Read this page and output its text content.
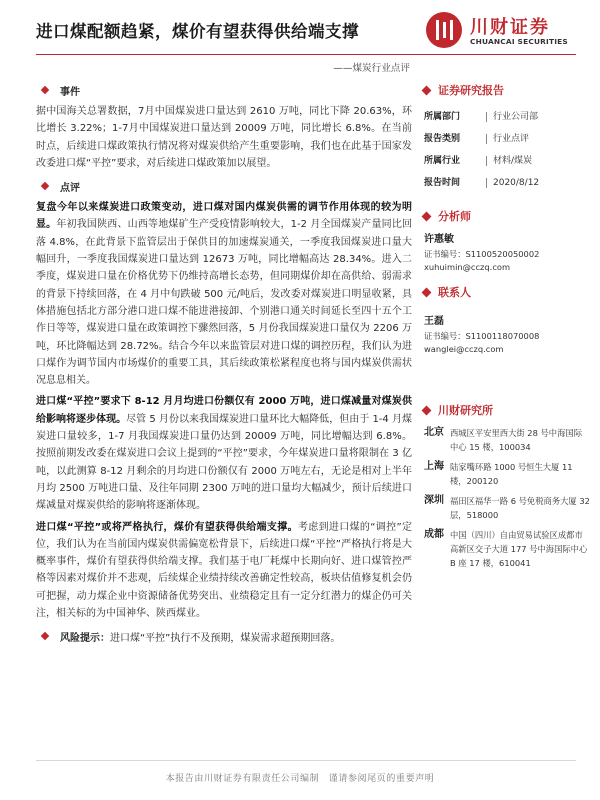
进口煤配额趋紧，煤价有望获得供给端支撑	川财证券
CHUANCAI SECURITIES
——煤炭行业点评
事件

据中国海关总署数据，7月中国煤炭进口量达到 2610 万吨，同比下降 20.63%，环比增长 3.22%；1-7月中国煤炭进口量达到 20009 万吨，同比增长 6.8%。在当前时点，后续进口煤政策执行情况将对煤炭供给产生重要影响，我们也在此基于国家发改委进口煤“平控”要求，对后续进口煤政策加以展望。

点评

复盘今年以来煤炭进口政策变动，进口煤对国内煤炭供需的调节作用体现的较为明显。年初我国陕西、山西等地煤矿生产受疫情影响较大，1-2 月全国煤炭产量同比回落 4.8%，在此背景下监管层出于保供目的加速煤炭通关，一季度我国煤炭进口量大幅回升，一季度我国煤炭进口量达到 12673 万吨，同比增幅高达 28.34%。进入二季度，煤炭进口量在价格优势下仍维持高增长态势，但同期煤价却在高供给、弱需求的背景下持续回落，在 4 月中旬跌破 500 元/吨后，发改委对煤炭进口明显收紧，具体措施包括北方部分港口进口煤不能进港接卸、个别港口通关时间延长至四十五个工作日等等，煤炭进口量在政策调控下骤然回落，5 月份我国煤炭进口量仅为 2206 万吨，环比降幅达到 28.72%。结合今年以来监管层对进口煤的调控历程，我们认为进口煤作为调节国内市场煤价的重要工具，其后续政策松紧程度也将与国内煤炭供需状况息息相关。

进口煤“平控”要求下 8-12 月月均进口份额仅有 2000 万吨，进口煤减量对煤炭供给影响将逐步体现。尽管 5 月份以来我国煤炭进口量环比大幅降低，但由于 1-4 月煤炭进口量较多，1-7 月我国煤炭进口量仍达到 20009 万吨，同比增幅达到 6.8%。按照前期发改委在煤炭进口会议上提到的“平控”要求，今年煤炭进口量将限制在 3 亿吨，以此测算 8-12 月剩余的月均进口份额仅有 2000 万吨左右，无论是相对上半年月均 2500 万吨进口量、及往年同期 2300 万吨的进口量均大幅减少，预计后续进口煤减量对煤炭供给的影响将逐渐体现。

进口煤“平控”或将严格执行，煤价有望获得供给端支撑。考虑到进口煤的“调控”定位，我们认为在当前国内煤炭供需偏宽松背景下，后续进口煤“平控”严格执行将是大概率事件，煤价有望获得供给端支撑。我们基于电厂耗煤中长期向好、进口煤管控严格等因素对煤价并不悲观，后续煤企业绩持续改善确定性较高，板块估值修复机会仍可把握，动力煤企业中资源储备优势突出、业绩稳定且有一定分红潜力的煤企仍可关注，相关标的为中国神华、陕西煤业。

风险提示： 进口煤“平控”执行不及预期，煤炭需求超预期回落。
证券研究报告
所属部门	行业公司部
报告类别	行业点评
所属行业	材料/煤炭
报告时间	2020/8/12
分析师
许惠敏
证书编号：S1100520050002
xuhuimin@cczq.com
联系人
王磊
证书编号：S1100118070008
wanglei@cczq.com
川财研究所
北京 西城区平安里西大街 28 号中海国际中心 15 楼，100034
上海 陆家嘴环路 1000 号恒生大厦 11 楼，200120
深圳 福田区福华一路 6 号免税商务大厦 32 层，518000
成都 中国（四川）自由贸易试验区成都市高新区交子大道 177 号中海国际中心 B 座 17 楼，610041
本报告由川财证券有限责任公司编制　谨请参阅尾页的重要声明
